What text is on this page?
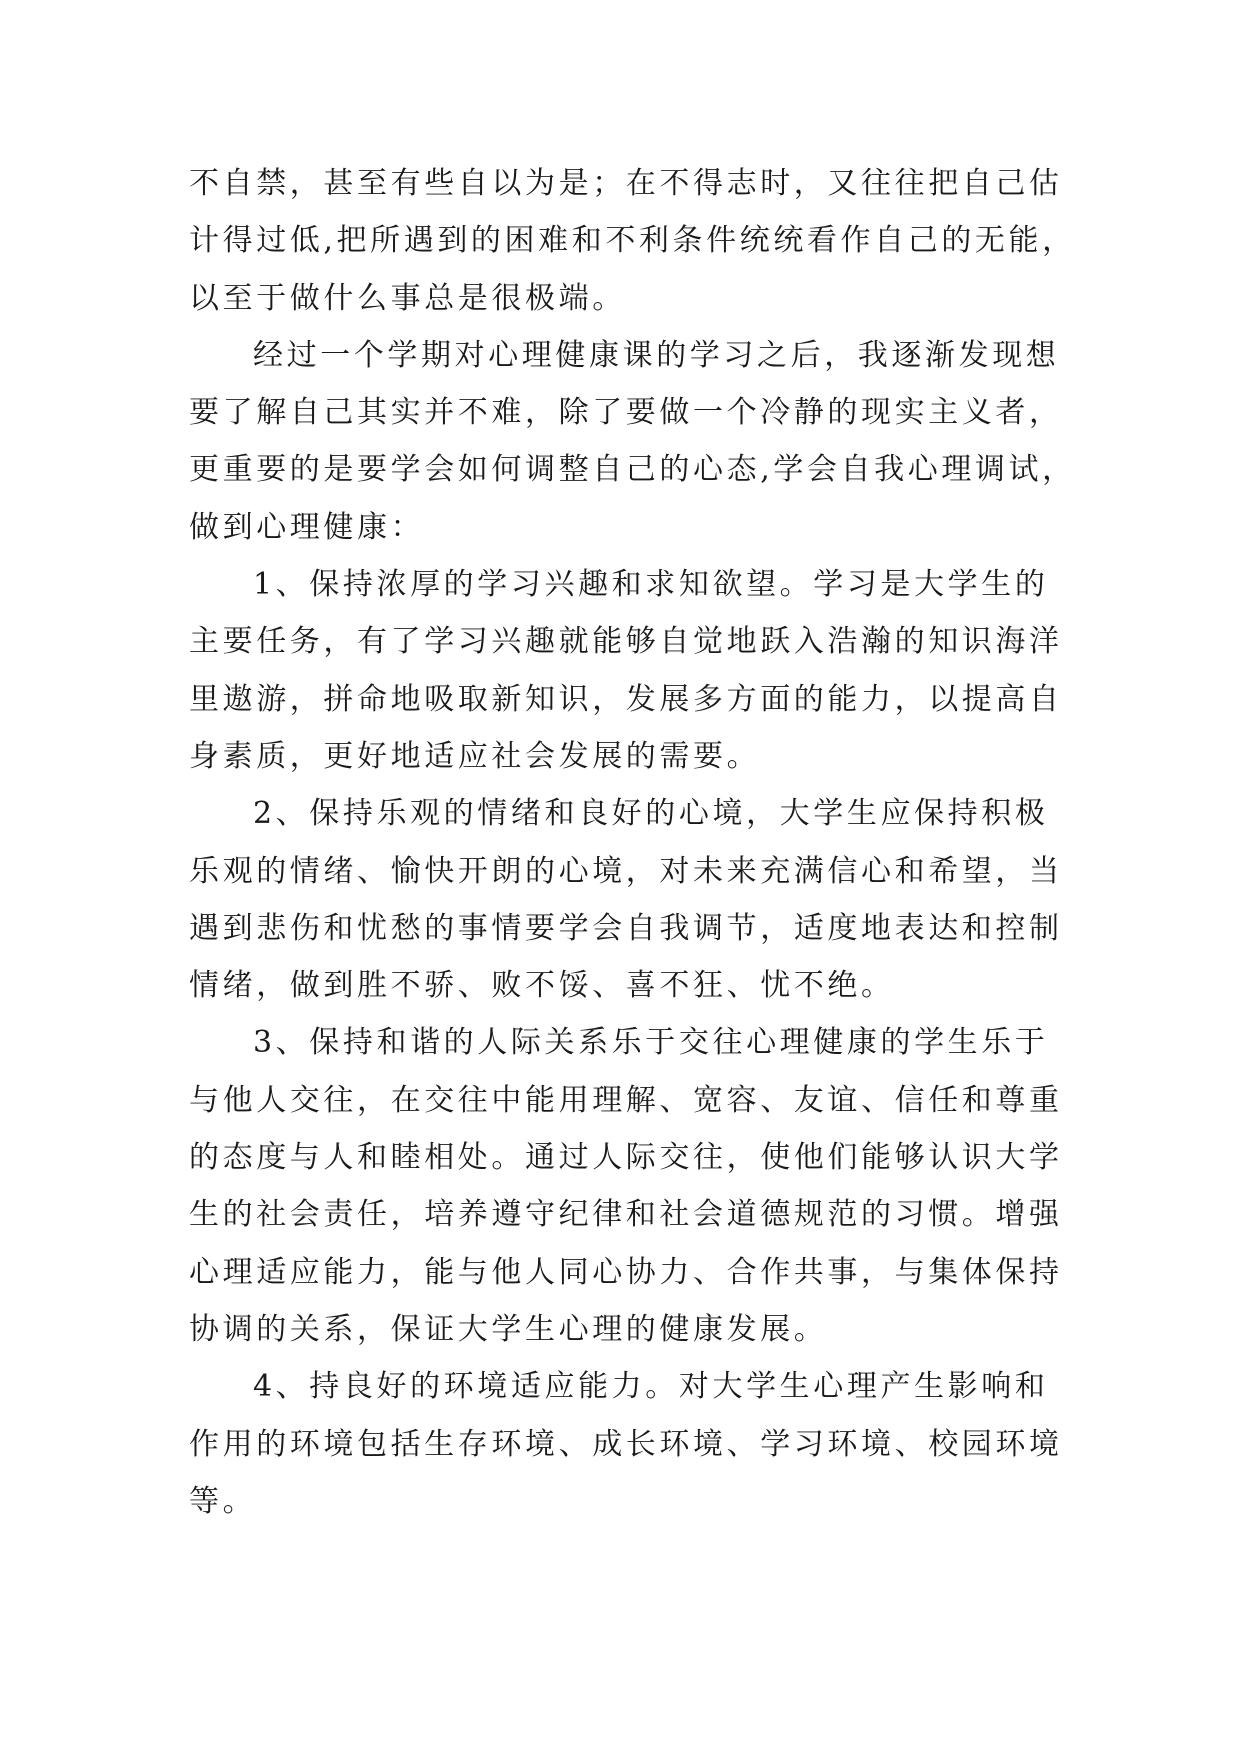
不自禁，甚至有些自以为是；在不得志时，又往往把自己估
计得过低,把所遇到的困难和不利条件统统看作自己的无能，
以至于做什么事总是很极端。
经过一个学期对心理健康课的学习之后，我逐渐发现想
要了解自己其实并不难，除了要做一个冷静的现实主义者，
更重要的是要学会如何调整自己的心态,学会自我心理调试，
做到心理健康：
1、保持浓厚的学习兴趣和求知欲望。学习是大学生的
主要任务，有了学习兴趣就能够自觉地跃入浩瀚的知识海洋
里遨游，拼命地吸取新知识，发展多方面的能力，以提高自
身素质，更好地适应社会发展的需要。
2、保持乐观的情绪和良好的心境，大学生应保持积极
乐观的情绪、愉快开朗的心境，对未来充满信心和希望，当
遇到悲伤和忧愁的事情要学会自我调节，适度地表达和控制
情绪，做到胜不骄、败不馁、喜不狂、忧不绝。
3、保持和谐的人际关系乐于交往心理健康的学生乐于
与他人交往，在交往中能用理解、宽容、友谊、信任和尊重
的态度与人和睦相处。通过人际交往，使他们能够认识大学
生的社会责任，培养遵守纪律和社会道德规范的习惯。增强
心理适应能力，能与他人同心协力、合作共事，与集体保持
协调的关系，保证大学生心理的健康发展。
4、持良好的环境适应能力。对大学生心理产生影响和
作用的环境包括生存环境、成长环境、学习环境、校园环境
等。
